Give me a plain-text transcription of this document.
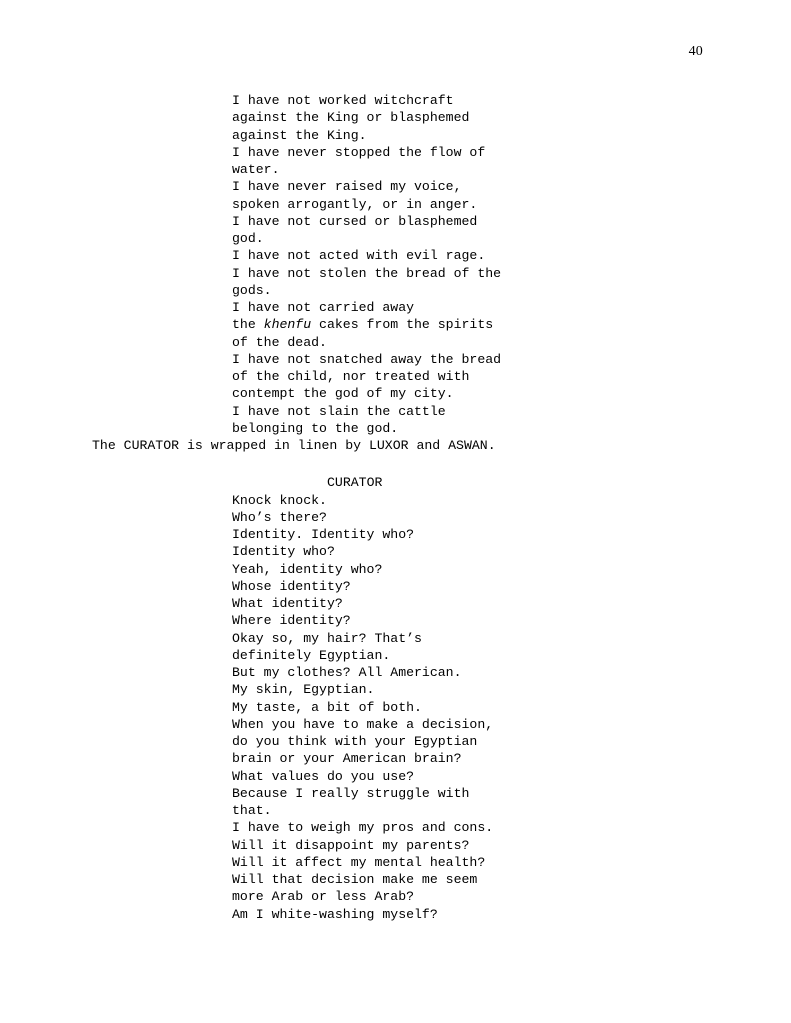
40
I have not worked witchcraft
against the King or blasphemed
against the King.
I have never stopped the flow of
water.
I have never raised my voice,
spoken arrogantly, or in anger.
I have not cursed or blasphemed
god.
I have not acted with evil rage.
I have not stolen the bread of the
gods.
I have not carried away
the khenfu cakes from the spirits
of the dead.
I have not snatched away the bread
of the child, nor treated with
contempt the god of my city.
I have not slain the cattle
belonging to the god.
The CURATOR is wrapped in linen by LUXOR and ASWAN.
CURATOR
Knock knock.
Who’s there?
Identity. Identity who?
Identity who?
Yeah, identity who?
Whose identity?
What identity?
Where identity?
Okay so, my hair? That’s
definitely Egyptian.
But my clothes? All American.
My skin, Egyptian.
My taste, a bit of both.
When you have to make a decision,
do you think with your Egyptian
brain or your American brain?
What values do you use?
Because I really struggle with
that.
I have to weigh my pros and cons.
Will it disappoint my parents?
Will it affect my mental health?
Will that decision make me seem
more Arab or less Arab?
Am I white-washing myself?
